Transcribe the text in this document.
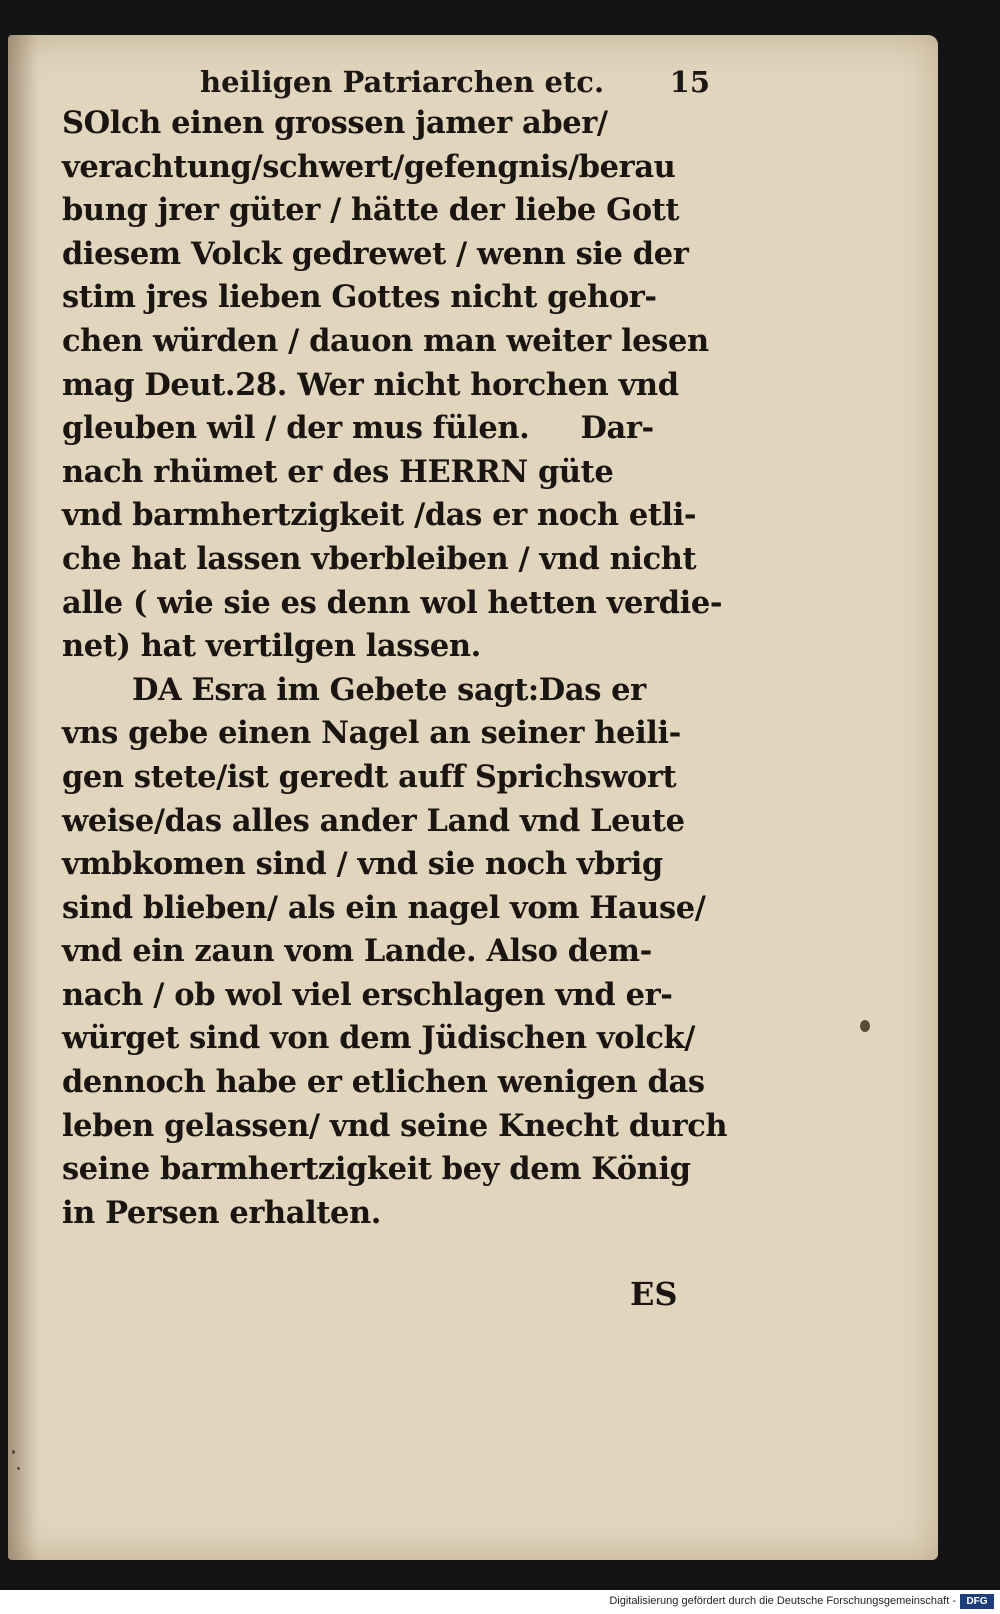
heiligen Patriarchen etc. 15
SOlch einen grossen jamer aber/
verachtung/schwert/gefengnis/berau
bung jrer güter / hätte der liebe Gott
diesem Volck gedrewet / wenn sie der
stim jres lieben Gottes nicht gehor-
chen würden / dauon man weiter lesen
mag Deut.28. Wer nicht horchen vnd
gleuben wil / der mus fülen.     Dar-
nach rhümet er des HERRN güte
vnd barmhertzigkeit /das er noch etli-
che hat lassen vberbleiben / vnd nicht
alle ( wie sie es denn wol hetten verdie-
net) hat vertilgen lassen.
DA Esra im Gebete sagt:Das er
vns gebe einen Nagel an seiner heili-
gen stete/ist geredt auff Sprichswort
weise/das alles ander Land vnd Leute
vmbkomen sind / vnd sie noch vbrig
sind blieben/ als ein nagel vom Hause/
vnd ein zaun vom Lande. Also dem-
nach / ob wol viel erschlagen vnd er-
würget sind von dem Jüdischen volck/
dennoch habe er etlichen wenigen das
leben gelassen/ vnd seine Knecht durch
seine barmhertzigkeit bey dem König
in Persen erhalten.
ES
Digitalisierung gefördert durch die Deutsche Forschungsgemeinschaft -	DFG
